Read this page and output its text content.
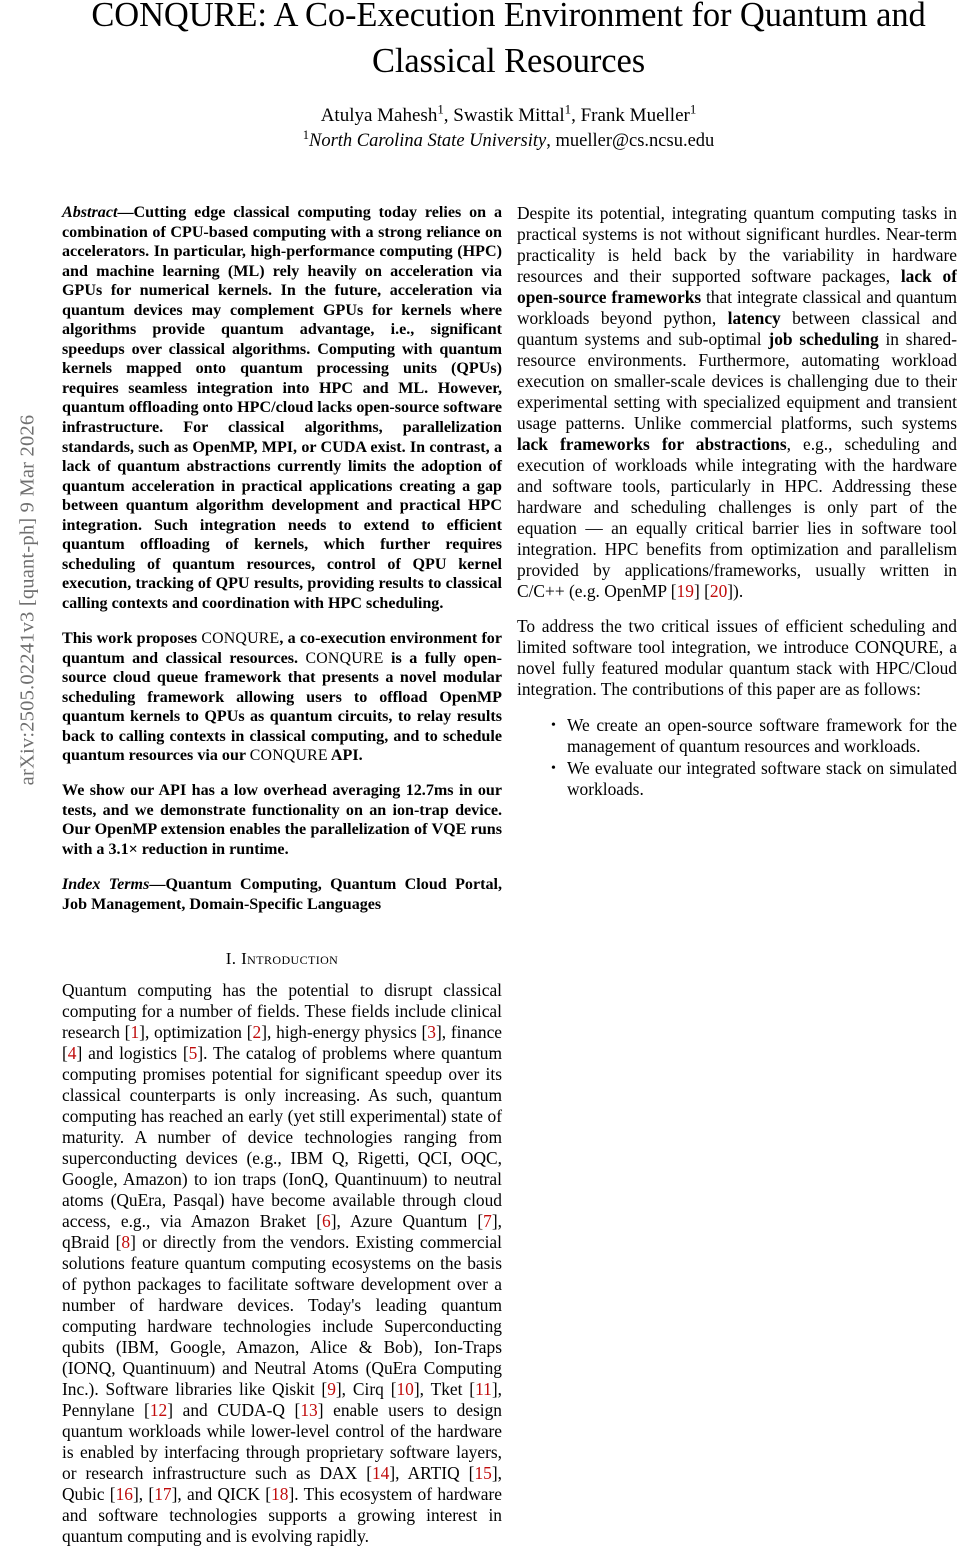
arXiv:2505.02241v3 [quant-ph] 9 Mar 2026
CONQURE: A Co-Execution Environment for Quantum and Classical Resources
Atulya Mahesh$^1$, Swastik Mittal$^1$, Frank Mueller$^1$
$^1$North Carolina State University, mueller@cs.ncsu.edu

Abstract—Cutting edge classical computing today relies on a combination of CPU-based computing with a strong reliance on accelerators. In particular, high-performance computing (HPC) and machine learning (ML) rely heavily on acceleration via GPUs for numerical kernels. In the future, acceleration via quantum devices may complement GPUs for kernels where algorithms provide quantum advantage, i.e., significant speedups over classical algorithms. Computing with quantum kernels mapped onto quantum processing units (QPUs) requires seamless integration into HPC and ML. However, quantum offloading onto HPC/cloud lacks open-source software infrastructure. For classical algorithms, parallelization standards, such as OpenMP, MPI, or CUDA exist. In contrast, a lack of quantum abstractions currently limits the adoption of quantum acceleration in practical applications creating a gap between quantum algorithm development and practical HPC integration. Such integration needs to extend to efficient quantum offloading of kernels, which further requires scheduling of quantum resources, control of QPU kernel execution, tracking of QPU results, providing results to classical calling contexts and coordination with HPC scheduling.

This work proposes CONQURE, a co-execution environment for quantum and classical resources. CONQURE is a fully open-source cloud queue framework that presents a novel modular scheduling framework allowing users to offload OpenMP quantum kernels to QPUs as quantum circuits, to relay results back to calling contexts in classical computing, and to schedule quantum resources via our CONQURE API.

We show our API has a low overhead averaging 12.7ms in our tests, and we demonstrate functionality on an ion-trap device. Our OpenMP extension enables the parallelization of VQE runs with a 3.1× reduction in runtime.

Index Terms—Quantum Computing, Quantum Cloud Portal, Job Management, Domain-Specific Languages

I. Introduction

Quantum computing has the potential to disrupt classical computing for a number of fields. These fields include clinical research [1], optimization [2], high-energy physics [3], finance [4] and logistics [5]. The catalog of problems where quantum computing promises potential for significant speedup over its classical counterparts is only increasing. As such, quantum computing has reached an early (yet still experimental) state of maturity. A number of device technologies ranging from superconducting devices (e.g., IBM Q, Rigetti, QCI, OQC, Google, Amazon) to ion traps (IonQ, Quantinuum) to neutral atoms (QuEra, Pasqal) have become available through cloud access, e.g., via Amazon Braket [6], Azure Quantum [7], qBraid [8] or directly from the vendors. Existing commercial solutions feature quantum computing ecosystems on the basis of python packages to facilitate software development over a number of hardware devices. Today's leading quantum computing hardware technologies include Superconducting qubits (IBM, Google, Amazon, Alice & Bob), Ion-Traps (IONQ, Quantinuum) and Neutral Atoms (QuEra Computing Inc.). Software libraries like Qiskit [9], Cirq [10], Tket [11], Pennylane [12] and CUDA-Q [13] enable users to design quantum workloads while lower-level control of the hardware is enabled by interfacing through proprietary software layers, or research infrastructure such as DAX [14], ARTIQ [15], Qubic [16], [17], and QICK [18]. This ecosystem of hardware and software technologies supports a growing interest in quantum computing and is evolving rapidly.

Despite its potential, integrating quantum computing tasks in practical systems is not without significant hurdles. Near-term practicality is held back by the variability in hardware resources and their supported software packages, lack of open-source frameworks that integrate classical and quantum workloads beyond python, latency between classical and quantum systems and sub-optimal job scheduling in shared-resource environments. Furthermore, automating workload execution on smaller-scale devices is challenging due to their experimental setting with specialized equipment and transient usage patterns. Unlike commercial platforms, such systems lack frameworks for abstractions, e.g., scheduling and execution of workloads while integrating with the hardware and software tools, particularly in HPC. Addressing these hardware and scheduling challenges is only part of the equation — an equally critical barrier lies in software tool integration. HPC benefits from optimization and parallelism provided by applications/frameworks, usually written in C/C++ (e.g. OpenMP [19] [20]).

To address the two critical issues of efficient scheduling and limited software tool integration, we introduce CONQURE, a novel fully featured modular quantum stack with HPC/Cloud integration. The contributions of this paper are as follows:

• We create an open-source software framework for the management of quantum resources and workloads.
• We evaluate our integrated software stack on simulated workloads.
